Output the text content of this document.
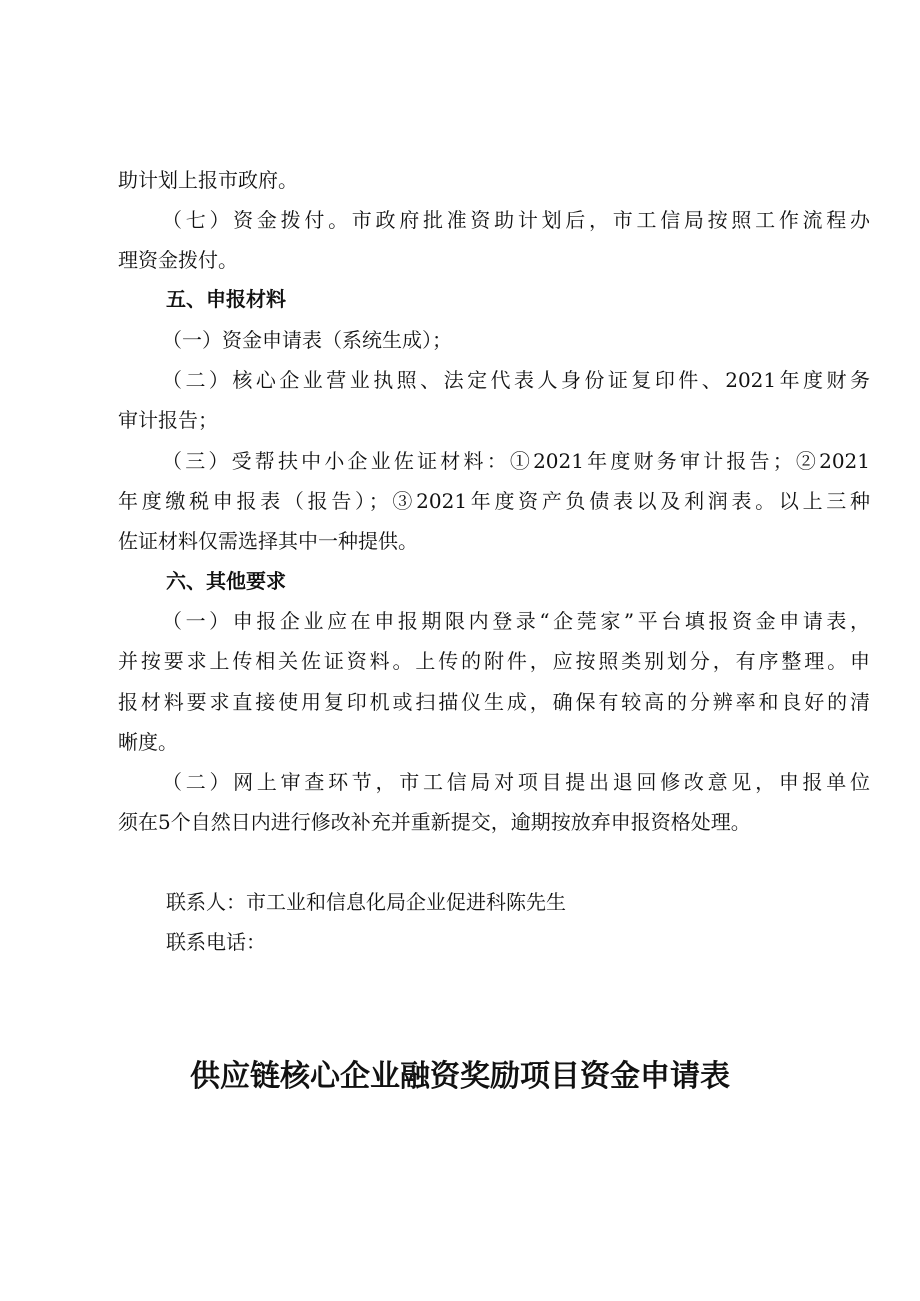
助计划上报市政府。
（七）资金拨付。市政府批准资助计划后，市工信局按照工作流程办
理资金拨付。
五、申报材料
（一）资金申请表（系统生成）；
（二）核心企业营业执照、法定代表人身份证复印件、2021年度财务
审计报告；
（三）受帮扶中小企业佐证材料：①2021年度财务审计报告；②2021
年度缴税申报表（报告）；③2021年度资产负债表以及利润表。以上三种
佐证材料仅需选择其中一种提供。
六、其他要求
（一）申报企业应在申报期限内登录“企莞家”平台填报资金申请表，
并按要求上传相关佐证资料。上传的附件，应按照类别划分，有序整理。申
报材料要求直接使用复印机或扫描仪生成，确保有较高的分辨率和良好的清
晰度。
（二）网上审查环节，市工信局对项目提出退回修改意见，申报单位
须在5个自然日内进行修改补充并重新提交，逾期按放弃申报资格处理。
联系人：市工业和信息化局企业促进科陈先生
联系电话：
供应链核心企业融资奖励项目资金申请表
